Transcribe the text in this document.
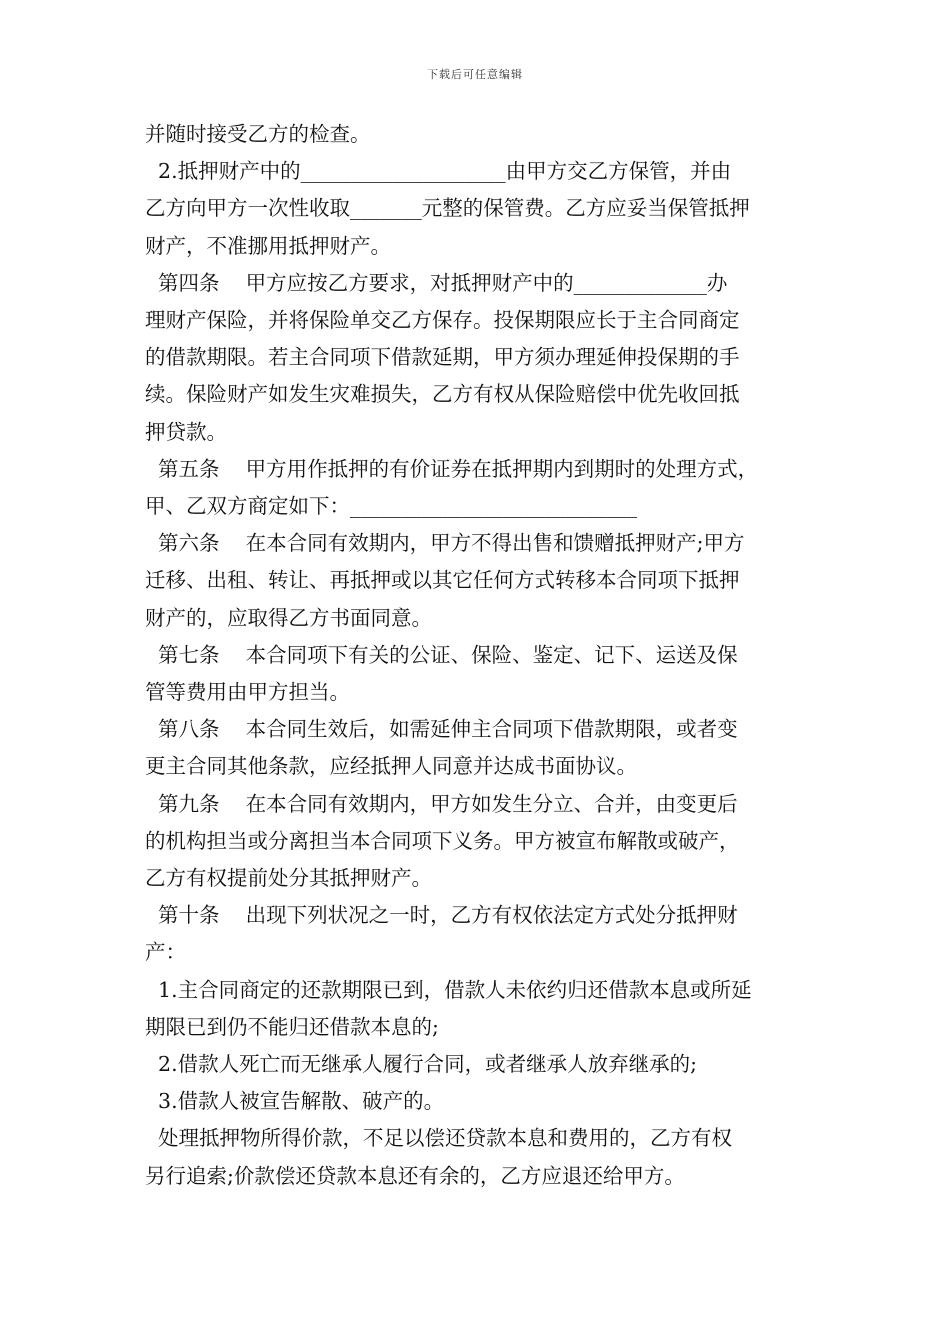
下载后可任意编辑

并随时接受乙方的检查。

2.抵押财产中的____________________由甲方交乙方保管，并由

乙方向甲方一次性收取_______元整的保管费。乙方应妥当保管抵押

财产，不准挪用抵押财产。

第四条    甲方应按乙方要求，对抵押财产中的_____________办

理财产保险，并将保险单交乙方保存。投保期限应长于主合同商定

的借款期限。若主合同项下借款延期，甲方须办理延伸投保期的手

续。保险财产如发生灾难损失，乙方有权从保险赔偿中优先收回抵

押贷款。

第五条    甲方用作抵押的有价证券在抵押期内到期时的处理方式，

甲、乙双方商定如下：____________________________

第六条    在本合同有效期内，甲方不得出售和馈赠抵押财产;甲方

迁移、出租、转让、再抵押或以其它任何方式转移本合同项下抵押

财产的，应取得乙方书面同意。

第七条    本合同项下有关的公证、保险、鉴定、记下、运送及保

管等费用由甲方担当。

第八条    本合同生效后，如需延伸主合同项下借款期限，或者变

更主合同其他条款，应经抵押人同意并达成书面协议。

第九条    在本合同有效期内，甲方如发生分立、合并，由变更后

的机构担当或分离担当本合同项下义务。甲方被宣布解散或破产，

乙方有权提前处分其抵押财产。

第十条    出现下列状况之一时，乙方有权依法定方式处分抵押财

产：

1.主合同商定的还款期限已到，借款人未依约归还借款本息或所延

期限已到仍不能归还借款本息的;

2.借款人死亡而无继承人履行合同，或者继承人放弃继承的;

3.借款人被宣告解散、破产的。

处理抵押物所得价款，不足以偿还贷款本息和费用的，乙方有权

另行追索;价款偿还贷款本息还有余的，乙方应退还给甲方。
